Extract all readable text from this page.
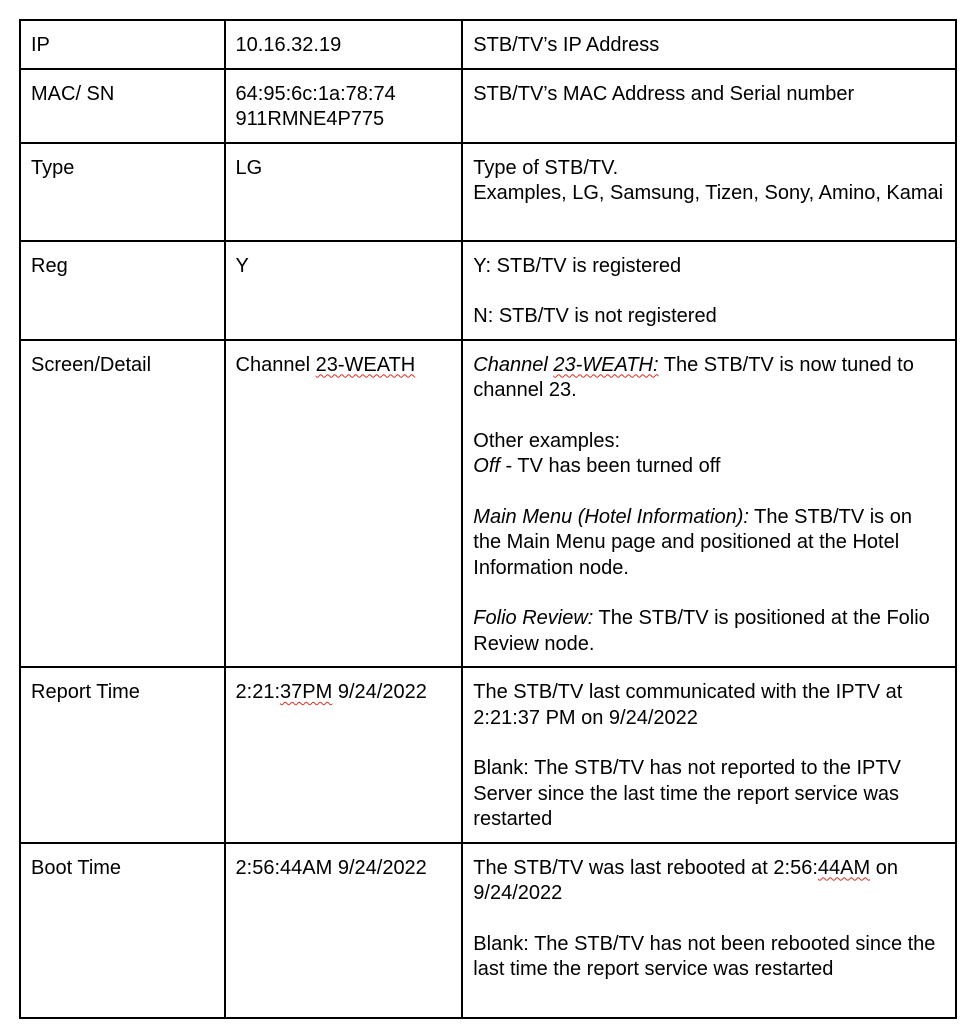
IP	10.16.32.19	STB/TV’s IP Address
MAC/ SN	64:95:6c:1a:78:74
911RMNE4P775	STB/TV’s MAC Address and Serial number
Type	LG	Type of STB/TV.
Examples, LG, Samsung, Tizen, Sony, Amino, Kamai

Reg	Y	Y: STB/TV is registered
N: STB/TV is not registered

Screen/Detail	Channel 23-WEATH	Channel 23-WEATH: The STB/TV is now tuned to channel 23.
Other examples:
Off - TV has been turned off
Main Menu (Hotel Information): The STB/TV is on the Main Menu page and positioned at the Hotel Information node.
Folio Review: The STB/TV is positioned at the Folio Review node.

Report Time	2:21:37PM 9/24/2022	The STB/TV last communicated with the IPTV at 2:21:37 PM on 9/24/2022
Blank: The STB/TV has not reported to the IPTV Server since the last time the report service was restarted

Boot Time	2:56:44AM 9/24/2022	The STB/TV was last rebooted at 2:56:44AM on 9/24/2022
Blank: The STB/TV has not been rebooted since the last time the report service was restarted
